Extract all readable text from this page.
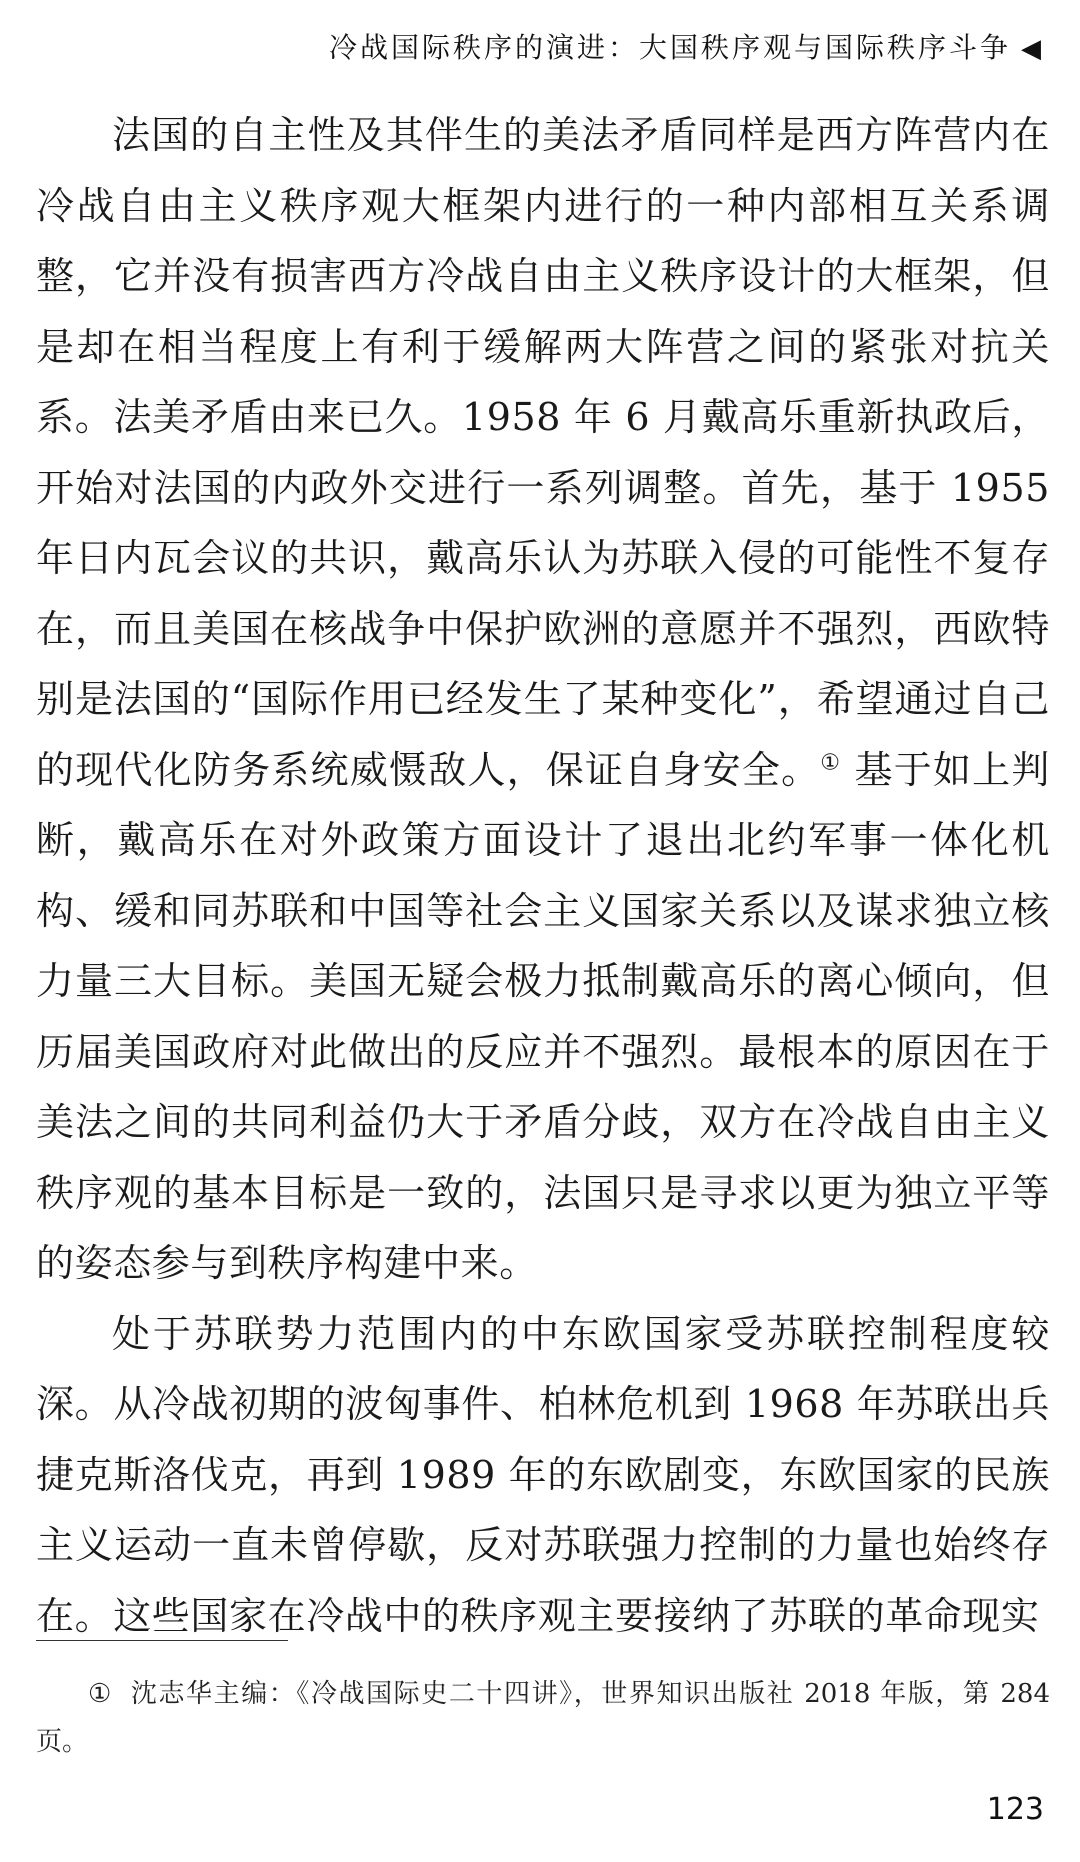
冷战国际秩序的演进：大国秩序观与国际秩序斗争 ◀

法国的自主性及其伴生的美法矛盾同样是西方阵营内在冷战自由主义秩序观大框架内进行的一种内部相互关系调整，它并没有损害西方冷战自由主义秩序设计的大框架，但是却在相当程度上有利于缓解两大阵营之间的紧张对抗关系。法美矛盾由来已久。1958 年 6 月戴高乐重新执政后，开始对法国的内政外交进行一系列调整。首先，基于 1955 年日内瓦会议的共识，戴高乐认为苏联入侵的可能性不复存在，而且美国在核战争中保护欧洲的意愿并不强烈，西欧特别是法国的“国际作用已经发生了某种变化”，希望通过自己的现代化防务系统威慑敌人，保证自身安全。① 基于如上判断，戴高乐在对外政策方面设计了退出北约军事一体化机构、缓和同苏联和中国等社会主义国家关系以及谋求独立核力量三大目标。美国无疑会极力抵制戴高乐的离心倾向，但历届美国政府对此做出的反应并不强烈。最根本的原因在于美法之间的共同利益仍大于矛盾分歧，双方在冷战自由主义秩序观的基本目标是一致的，法国只是寻求以更为独立平等的姿态参与到秩序构建中来。

处于苏联势力范围内的中东欧国家受苏联控制程度较深。从冷战初期的波匈事件、柏林危机到 1968 年苏联出兵捷克斯洛伐克，再到 1989 年的东欧剧变，东欧国家的民族主义运动一直未曾停歇，反对苏联强力控制的力量也始终存在。这些国家在冷战中的秩序观主要接纳了苏联的革命现实

① 沈志华主编：《冷战国际史二十四讲》，世界知识出版社 2018 年版，第 284 页。

123
